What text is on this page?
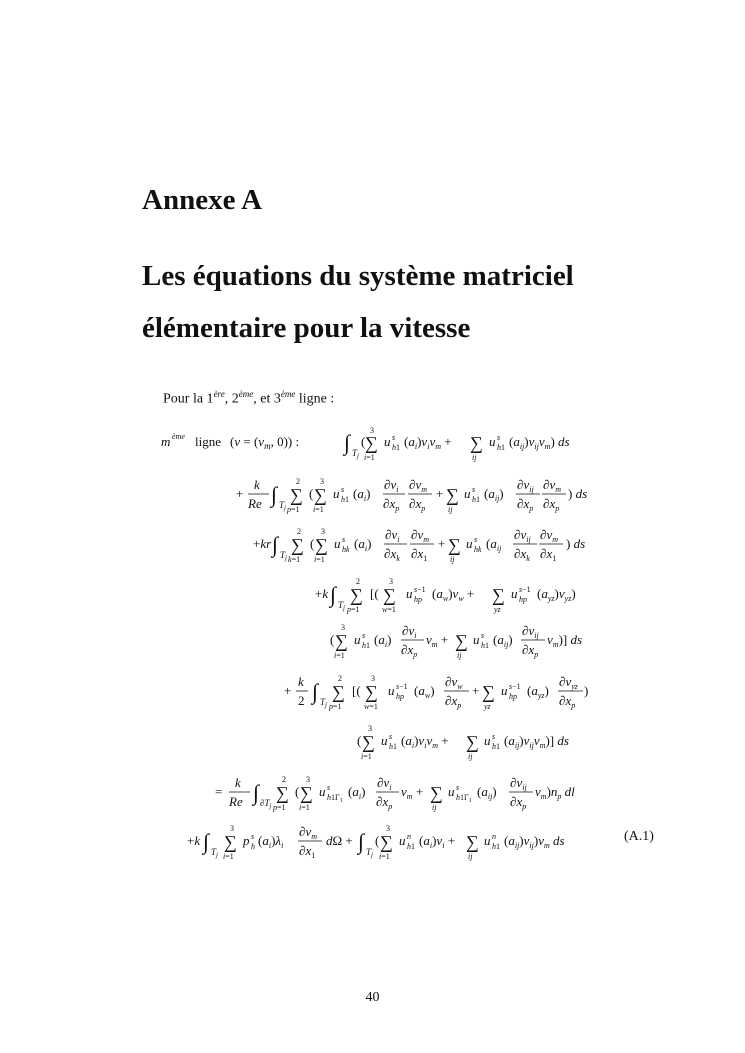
Annexe A
Les équations du système matriciel
élémentaire pour la vitesse
Pour la 1ère, 2ème, et 3ème ligne :
m ème ligne ($v = (v_m$, 0)) : ∫ $T_j$
(
3
∑
i=1
u s
h1 $(a_i)v_iv_m$ + ∑
ij
u s
h1 $(a_{ij})v_{ij}v_m$) ds
+
k
Re ∫ $T_j$
2
∑
p=1
(
3
∑
i=1
u s
h1 $(a_i)$
$\partial v_i$
$\partial x_p$
$\partial v_m$
$\partial x_p$
+ ∑
ij
u s
h1 $(a_{ij})$
$\partial v_{ij}$
$\partial x_p$
$\partial v_m$
$\partial x_p$
) ds
+kr ∫ $T_j$
2
∑
k=1
(
3
∑
i=1
u s
hk $(a_i)$
$\partial v_i$
$\partial x_k$
$\partial v_m$
$\partial x_1$
+ ∑
ij
u s
hk ($a_{ij}$
$\partial v_{ij}$
$\partial x_k$
$\partial v_m$
$\partial x_1$
) ds
+k ∫ $T_j$
2
∑
p=1
[(
3
∑
w=1
u s−1
hp $(a_w)v_w$ + ∑
yz
u s−1
hp $(a_{yz})v_{yz}$)
(
3
∑
i=1
u s
h1 $(a_i)$
$\partial v_i$
$\partial x_p$
$v_m$ + ∑
ij
u s
h1 $(a_{ij})$
$\partial v_{ij}$
$\partial x_p$
$v_m$)] ds
+
k
2 ∫ $T_j$
2
∑
p=1
[(
3
∑
w=1
u s−1
hp $(a_w)$
$\partial v_w$
$\partial x_p$
+ ∑
yz
u s−1
hp $(a_{yz})$
$\partial v_{yz}$
$\partial x_p$
)
(
3
∑
i=1
u s
h1 $(a_i)v_iv_m$ + ∑
ij
u s
h1 $(a_{ij})v_{ij}v_m$)] ds
=
k
Re ∫ $\partial T_j$
2
∑
p=1
(
3
∑
i=1
u s
$h1\Gamma_1$
$(a_i)$
$\partial v_i$
$\partial x_p$
$v_m$ + ∑
ij
u s
$h1\Gamma_1$
$(a_{ij})$
$\partial v_{ij}$
$\partial x_p$
$v_m)n_p$ dl
+k ∫ $T_j$
3
∑
i=1
p s
h $(a_i)\lambda_i$
$\partial v_m$
$\partial x_1$
dΩ + ∫ $T_j$
(
3
∑
i=1
u n
h1 $(a_i)v_i$ + ∑
ij
u n
h1 $(a_{ij})v_{ij})v_m$ ds	(A.1)
40
